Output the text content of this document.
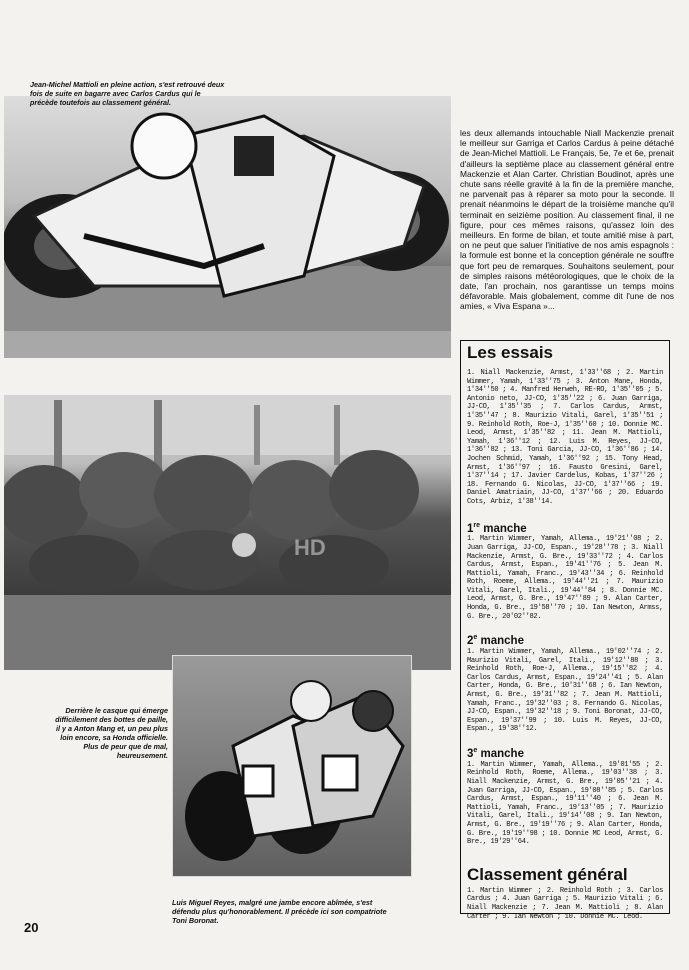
Jean-Michel Mattioli en pleine action, s'est retrouvé deux fois de suite en bagarre avec Carlos Cardus qui le précède toutefois au classement général.
HD
Derrière le casque qui émerge difficilement des bottes de paille, il y a Anton Mang et, un peu plus loin encore, sa Honda officielle. Plus de peur que de mal, heureusement.
Luis Miguel Reyes, malgré une jambe encore abîmée, s'est défendu plus qu'honorablement. Il précède ici son compatriote Toni Boronat.
les deux allemands intouchable Niall Mackenzie prenait le meilleur sur Garriga et Carlos Cardus à peine détaché de Jean-Michel Mattioli. Le Français, 5e, 7e et 6e, prenait d'ailleurs la septième place au classement général entre Mackenzie et Alan Carter. Christian Boudinot, après une chute sans réelle gravité à la fin de la première manche, ne parvenait pas à réparer sa moto pour la seconde. Il prenait néanmoins le départ de la troisième manche qu'il terminait en seizième position. Au classement final, il ne figure, pour ces mêmes raisons, qu'assez loin des meilleurs. En forme de bilan, et toute amitié mise à part, on ne peut que saluer l'initiative de nos amis espagnols : la formule est bonne et la conception générale ne souffre que fort peu de remarques. Souhaitons seulement, pour de simples raisons météorologiques, que le choix de la date, l'an prochain, nos garantisse un temps moins défavorable. Mais globalement, comme dit l'une de nos amies, « Viva Espana »...
Les essais
1. Niall Mackenzie, Armst, 1'33''68 ; 2. Martin Wimmer, Yamah, 1'33''75 ; 3. Anton Mane, Honda, 1'34''50 ; 4. Manfred Herweh, RE-RO, 1'35''05 ; 5. Antonio neto, JJ-CO, 1'35''22 ; 6. Juan Garriga, JJ-CO, 1'35''35 ; 7. Carlos Cardus, Armst, 1'35''47 ; 8. Maurizio Vitali, Garel, 1'35''51 ; 9. Reinhold Roth, Roe-J, 1'35''60 ; 10. Donnie MC. Leod, Armst, 1'35''82 ; 11. Jean M. Mattioli, Yamah, 1'36''12 ; 12. Luis M. Reyes, JJ-CO, 1'36''82 ; 13. Toni Garcia, JJ-CO, 1'36''86 ; 14. Jochen Schmid, Yamah, 1'36''92 ; 15. Tony Head, Armst, 1'36''97 ; 16. Fausto Gresini, Garel, 1'37''14 ; 17. Javier Cardelus, Kobas, 1'37''26 ; 18. Fernando G. Nicolas, JJ-CO, 1'37''66 ; 19. Daniel Amatriain, JJ-CO, 1'37''66 ; 20. Eduardo Cots, Arbiz, 1'38''14.
1re manche
1. Martin Wimmer, Yamah, Allema., 19'21''08 ; 2. Juan Garriga, JJ-CO, Espan., 19'28''78 ; 3. Niall Mackenzie, Armst, G. Bre., 19'33''72 ; 4. Carlos Cardus, Armst, Espan., 19'41''76 ; 5. Jean M. Mattioli, Yamah, Franc., 19'43''34 ; 6. Reinhold Roth, Roeme, Allema., 19'44''21 ; 7. Maurizio Vitali, Garel, Itali., 19'44''84 ; 8. Donnie MC. Leod, Armst, G. Bre., 19'47''89 ; 9. Alan Carter, Honda, G. Bre., 19'58''70 ; 10. Ian Newton, Armss, G. Bre., 20'02''82.
2e manche
1. Martin Wimmer, Yamah, Allema., 19'02''74 ; 2. Maurizio Vitali, Garel, Itali., 19'12''88 ; 3. Reinhold Roth, Roe-J, Allema., 19'15''82 ; 4. Carlos Cardus, Armst, Espan., 19'24''41 ; 5. Alan Carter, Honda, G. Bre., 10'31''68 ; 6. Ian Newton, Armst, G. Bre., 19'31''82 ; 7. Jean M. Mattioli, Yamah, Franc., 19'32''03 ; 8. Fernando G. Nicolas, JJ-CO, Espan., 19'32''18 ; 9. Toni Boronat, JJ-CO, Espan., 19'37''99 ; 10. Luis M. Reyes, JJ-CO, Espan., 19'38''12.
3e manche
1. Martin Wimmer, Yamah, Allema., 19'01'55 ; 2. Reinhold Roth, Roeme, Allema., 19'03''38 ; 3. Niall Mackenzie, Armst, G. Bre., 19'05''21 ; 4. Juan Garriga, JJ-CO, Espan., 19'08''85 ; 5. Carlos Cardus, Armst, Espan., 19'11''40 ; 6. Jean M. Mattioli, Yamah, Franc., 19'13''05 ; 7. Maurizio Vitali, Garel, Itali., 19'14''08 ; 9. Ian Newton, Armst, G. Bre., 19'19''76 ; 9. Alan Carter, Honda, G. Bre., 19'19''98 ; 10. Donnie MC Leod, Armst, G. Bre., 19'29''64.
Classement général
1. Martin Wimmer ; 2. Reinhold Roth ; 3. Carlos Cardus ; 4. Juan Garriga ; 5. Maurizio Vitali ; 6. Niall Mackenzie ; 7. Jean M. Mattioli ; 8. Alan Carter ; 9. Ian Newton ; 10. Donnie MC. Leod.
20
